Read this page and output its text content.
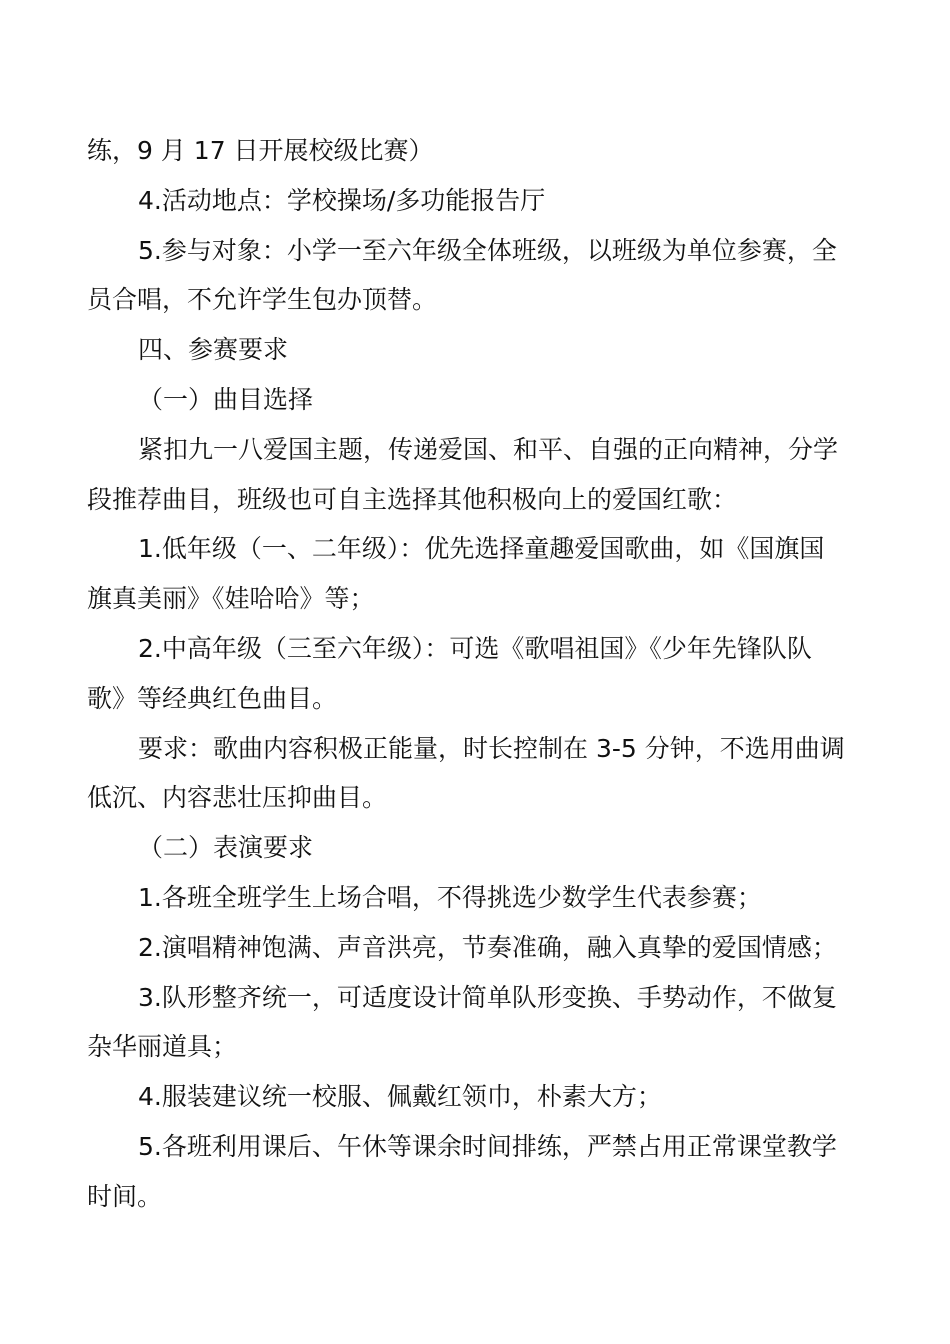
练，9 月 17 日开展校级比赛）
4.活动地点：学校操场/多功能报告厅
5.参与对象：小学一至六年级全体班级，以班级为单位参赛，全
员合唱，不允许学生包办顶替。
四、参赛要求
（一）曲目选择
紧扣九一八爱国主题，传递爱国、和平、自强的正向精神，分学
段推荐曲目，班级也可自主选择其他积极向上的爱国红歌：
1.低年级（一、二年级）：优先选择童趣爱国歌曲，如《国旗国
旗真美丽》《娃哈哈》等；
2.中高年级（三至六年级）：可选《歌唱祖国》《少年先锋队队
歌》等经典红色曲目。
要求：歌曲内容积极正能量，时长控制在 3-5 分钟，不选用曲调
低沉、内容悲壮压抑曲目。
（二）表演要求
1.各班全班学生上场合唱，不得挑选少数学生代表参赛；
2.演唱精神饱满、声音洪亮，节奏准确，融入真挚的爱国情感；
3.队形整齐统一，可适度设计简单队形变换、手势动作，不做复
杂华丽道具；
4.服装建议统一校服、佩戴红领巾，朴素大方；
5.各班利用课后、午休等课余时间排练，严禁占用正常课堂教学
时间。
